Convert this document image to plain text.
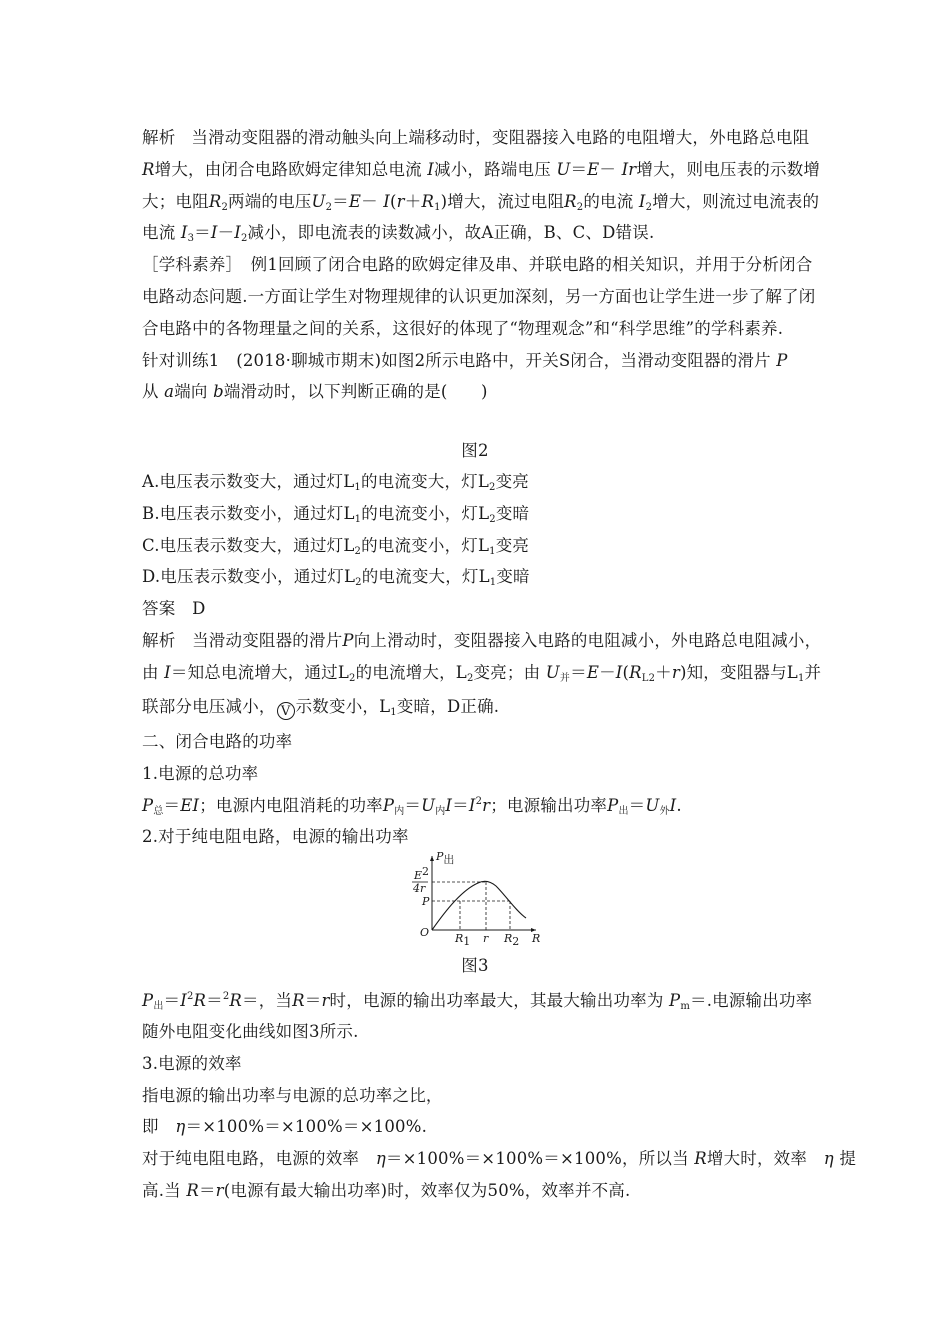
解析 当滑动变阻器的滑动触头向上端移动时，变阻器接入电路的电阻增大，外电路总电阻
R增大，由闭合电路欧姆定律知总电流 I减小，路端电压 U＝E－ Ir增大，则电压表的示数增
大；电阻$R_2$两端的电压$U_2=E- I(r+R_1)$增大，流过电阻$R_2$的电流 $I_2$增大，则流过电流表的
电流 $I_3=I-I_2$减小，即电流表的读数减小，故A正确，B、C、D错误.
［学科素养］　例1回顾了闭合电路的欧姆定律及串、并联电路的相关知识，并用于分析闭合
电路动态问题.一方面让学生对物理规律的认识更加深刻，另一方面也让学生进一步了解了闭
合电路中的各物理量之间的关系，这很好的体现了“物理观念”和“科学思维”的学科素养.
针对训练1　(2018·聊城市期末)如图2所示电路中，开关S闭合，当滑动变阻器的滑片 P
从 a端向 b端滑动时，以下判断正确的是(　　)
图2
A.电压表示数变大，通过灯$L_1$的电流变大，灯$L_2$变亮
B.电压表示数变小，通过灯$L_1$的电流变小，灯$L_2$变暗
C.电压表示数变大，通过灯$L_2$的电流变小，灯$L_1$变亮
D.电压表示数变小，通过灯$L_2$的电流变大，灯$L_1$变暗
答案　D
解析　当滑动变阻器的滑片P向上滑动时，变阻器接入电路的电阻减小，外电路总电阻减小，
由 I＝知总电流增大，通过$L_2$的电流增大，$L_2$变亮；由 $U_并=E-I(R_{L2}+r)$知，变阻器与$L_1$并
联部分电压减小， V 示数变小，$L_1$变暗，D正确.
二、闭合电路的功率
1.电源的总功率
$P_总=EI$；电源内电阻消耗的功率$P_内=U_内I=I^2r$；电源输出功率$P_出=U_外I$.
2.对于纯电阻电路，电源的输出功率
P出
E2
4r
P
O R1 r R2 R
图3
$P_出=I^2R=^2R=$，当R＝r时，电源的输出功率最大，其最大输出功率为 $P_m=$.电源输出功率
随外电阻变化曲线如图3所示.
3.电源的效率
指电源的输出功率与电源的总功率之比，
即　 η＝×100%＝×100%＝×100%.
对于纯电阻电路，电源的效率　 η＝×100%＝×100%＝×100%，所以当 R增大时，效率　 η 提
高.当 R＝r(电源有最大输出功率)时，效率仅为50%，效率并不高.
